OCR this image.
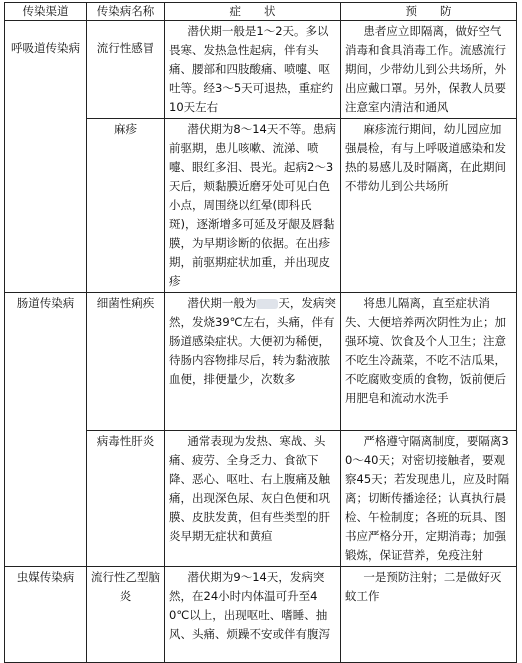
传染渠道	传染病名称	症　　状	预　　防
呼吸道传染病	流行性感冒	潜伏期一般是1～2天。多以畏寒、发热急性起病，伴有头痛、腰部和四肢酸痛、喷嚏、呕吐等。经3～5天可退热，重症约10天左右	患者应立即隔离，做好空气消毒和食具消毒工作。流感流行期间，少带幼儿到公共场所，外出应戴口罩。另外，保教人员要注意室内清洁和通风
	麻疹	潜伏期为8～14天不等。患病前驱期，患儿咳嗽、流涕、喷嚏、眼红多泪、畏光。起病2～3天后，颊黏膜近磨牙处可见白色小点，周围绕以红晕(即科氏斑)，逐渐增多可延及牙龈及唇黏膜，为早期诊断的依据。在出疹期，前驱期症状加重，并出现皮疹	麻疹流行期间，幼儿园应加强晨检，有与上呼吸道感染和发热的易感儿及时隔离，在此期间不带幼儿到公共场所
肠道传染病	细菌性痢疾	潜伏期一般为 天，发病突然，发烧39℃左右，头痛，伴有肠道感染症状。大便初为稀便，待肠内容物排尽后，转为黏液脓血便，排便量少，次数多	将患儿隔离，直至症状消失、大便培养两次阴性为止；加强环境、饮食及个人卫生；注意不吃生冷蔬菜，不吃不洁瓜果，不吃腐败变质的食物，饭前便后用肥皂和流动水洗手
	病毒性肝炎	通常表现为发热、寒战、头痛、疲劳、全身乏力、食欲下降、恶心、呕吐、右上腹痛及触痛，出现深色尿、灰白色便和巩膜、皮肤发黄，但有些类型的肝炎早期无症状和黄疸	严格遵守隔离制度，要隔离30～40天；对密切接触者，要观察45天；若发现患儿，应及时隔离；切断传播途径；认真执行晨检、午检制度；各班的玩具、图书应严格分开，定期消毒；加强锻炼，保证营养，免疫注射
虫媒传染病	流行性乙型脑炎	潜伏期为9～14天，发病突然，在24小时内体温可升至40℃以上，出现呕吐、嗜睡、抽风、头痛、烦躁不安或伴有腹泻	一是预防注射；二是做好灭蚊工作
